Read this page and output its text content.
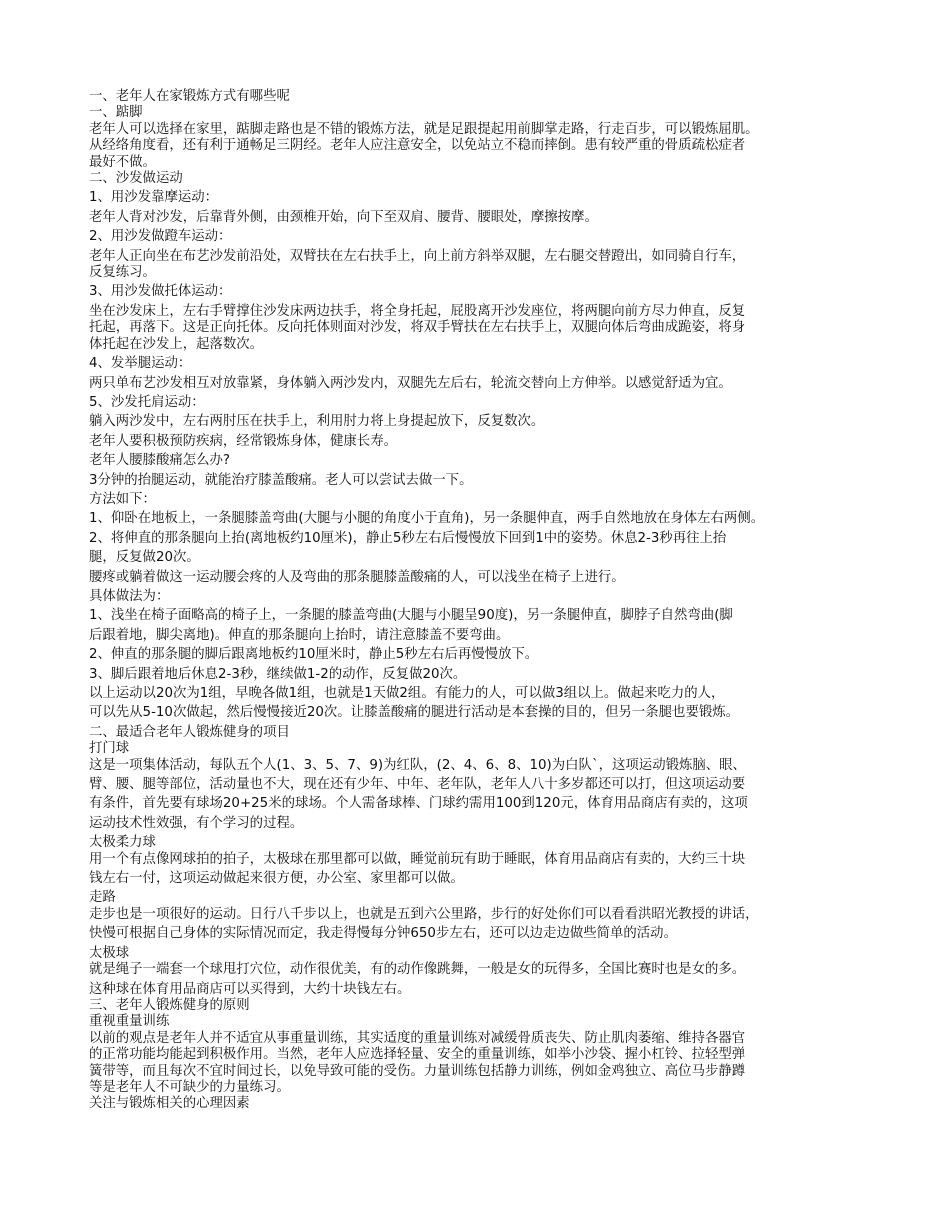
一、老年人在家锻炼方式有哪些呢

一、踮脚

老年人可以选择在家里，踮脚走路也是不错的锻炼方法，就是足跟提起用前脚掌走路，行走百步，可以锻炼屈肌。

从经络角度看，还有利于通畅足三阴经。老年人应注意安全，以免站立不稳而摔倒。患有较严重的骨质疏松症者

最好不做。

二、沙发做运动

1、用沙发靠摩运动：

老年人背对沙发，后靠背外侧，由颈椎开始，向下至双肩、腰背、腰眼处，摩擦按摩。

2、用沙发做蹬车运动：

老年人正向坐在布艺沙发前沿处，双臂扶在左右扶手上，向上前方斜举双腿，左右腿交替蹬出，如同骑自行车，

反复练习。

3、用沙发做托体运动：

坐在沙发床上，左右手臂撑住沙发床两边扶手，将全身托起，屁股离开沙发座位，将两腿向前方尽力伸直，反复

托起，再落下。这是正向托体。反向托体则面对沙发，将双手臂扶在左右扶手上，双腿向体后弯曲成跪姿，将身

体托起在沙发上，起落数次。

4、发举腿运动：

两只单布艺沙发相互对放靠紧，身体躺入两沙发内，双腿先左后右，轮流交替向上方伸举。以感觉舒适为宜。

5、沙发托肩运动：

躺入两沙发中，左右两肘压在扶手上，利用肘力将上身提起放下，反复数次。

老年人要积极预防疾病，经常锻炼身体，健康长寿。

老年人腰膝酸痛怎么办?

3分钟的抬腿运动，就能治疗膝盖酸痛。老人可以尝试去做一下。

方法如下：

1、仰卧在地板上，一条腿膝盖弯曲(大腿与小腿的角度小于直角)，另一条腿伸直，两手自然地放在身体左右两侧。

2、将伸直的那条腿向上抬(离地板约10厘米)，静止5秒左右后慢慢放下回到1中的姿势。休息2-3秒再往上抬

腿，反复做20次。

腰疼或躺着做这一运动腰会疼的人及弯曲的那条腿膝盖酸痛的人，可以浅坐在椅子上进行。

具体做法为：

1、浅坐在椅子面略高的椅子上，一条腿的膝盖弯曲(大腿与小腿呈90度)，另一条腿伸直，脚脖子自然弯曲(脚

后跟着地，脚尖离地)。伸直的那条腿向上抬时，请注意膝盖不要弯曲。

2、伸直的那条腿的脚后跟离地板约10厘米时，静止5秒左右后再慢慢放下。

3、脚后跟着地后休息2-3秒，继续做1-2的动作，反复做20次。

以上运动以20次为1组，早晚各做1组，也就是1天做2组。有能力的人，可以做3组以上。做起来吃力的人，

可以先从5-10次做起，然后慢慢接近20次。让膝盖酸痛的腿进行活动是本套操的目的，但另一条腿也要锻炼。

二、最适合老年人锻炼健身的项目

打门球

这是一项集体活动，每队五个人(1、3、5、7、9)为红队，(2、4、6、8、10)为白队`，这项运动锻炼脑、眼、

臂、腰、腿等部位，活动量也不大，现在还有少年、中年、老年队，老年人八十多岁都还可以打，但这项运动要

有条件，首先要有球场20+25米的球场。个人需备球棒、门球约需用100到120元，体育用品商店有卖的，这项

运动技术性效强，有个学习的过程。

太极柔力球

用一个有点像网球拍的拍子，太极球在那里都可以做，睡觉前玩有助于睡眠，体育用品商店有卖的，大约三十块

钱左右一付，这项运动做起来很方便，办公室、家里都可以做。

走路

走步也是一项很好的运动。日行八千步以上，也就是五到六公里路，步行的好处你们可以看看洪昭光教授的讲话，

快慢可根据自己身体的实际情况而定，我走得慢每分钟650步左右，还可以边走边做些简单的活动。

太极球

就是绳子一端套一个球甩打穴位，动作很优美，有的动作像跳舞，一般是女的玩得多，全国比赛时也是女的多。

这种球在体育用品商店可以买得到，大约十块钱左右。

三、老年人锻炼健身的原则

重视重量训练

以前的观点是老年人并不适宜从事重量训练，其实适度的重量训练对减缓骨质丧失、防止肌肉萎缩、维持各器官

的正常功能均能起到积极作用。当然，老年人应选择轻量、安全的重量训练，如举小沙袋、握小杠铃、拉轻型弹

簧带等，而且每次不宜时间过长，以免导致可能的受伤。力量训练包括静力训练，例如金鸡独立、高位马步静蹲

等是老年人不可缺少的力量练习。

关注与锻炼相关的心理因素
